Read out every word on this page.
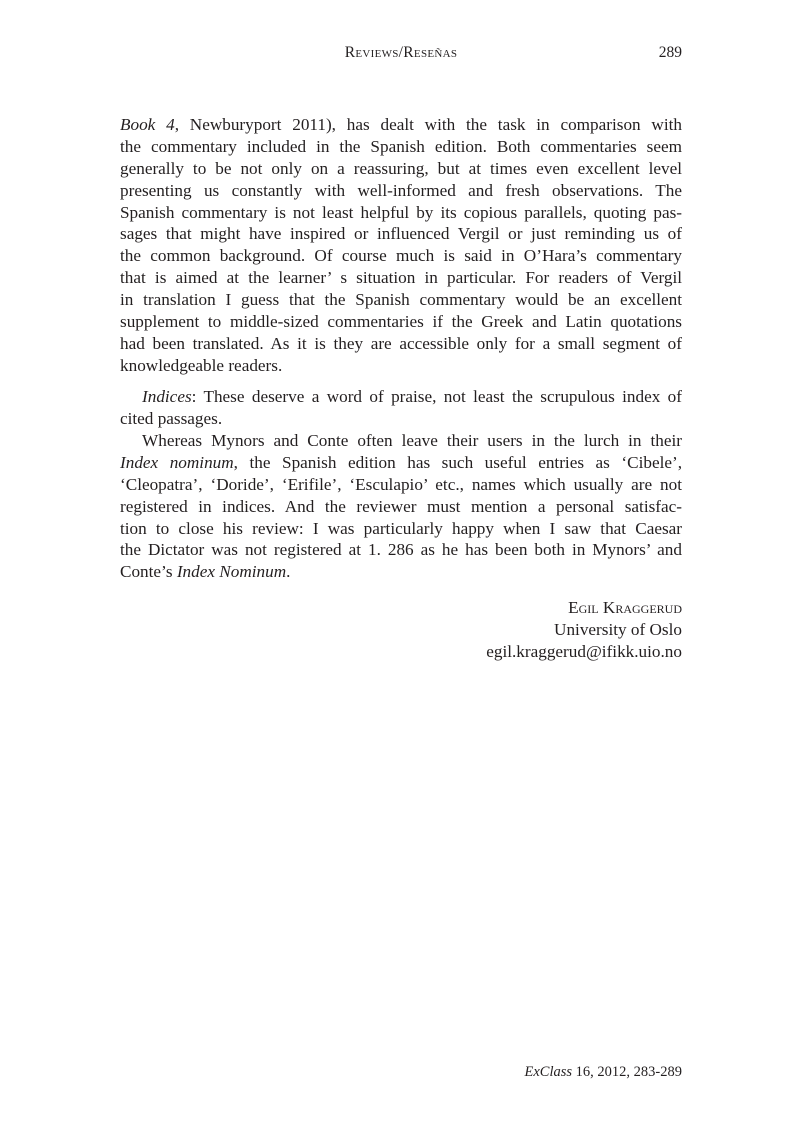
Reviews/Reseñas	289
Book 4, Newburyport 2011), has dealt with the task in comparison with
the commentary included in the Spanish edition. Both commentaries seem
generally to be not only on a reassuring, but at times even excellent level
presenting us constantly with well-informed and fresh observations. The
Spanish commentary is not least helpful by its copious parallels, quoting pas-
sages that might have inspired or influenced Vergil or just reminding us of
the common background. Of course much is said in O’Hara’s commentary
that is aimed at the learner’ s situation in particular. For readers of Vergil
in translation I guess that the Spanish commentary would be an excellent
supplement to middle-sized commentaries if the Greek and Latin quotations
had been translated. As it is they are accessible only for a small segment of
knowledgeable readers.
Indices: These deserve a word of praise, not least the scrupulous index of
cited passages.
Whereas Mynors and Conte often leave their users in the lurch in their
Index nominum, the Spanish edition has such useful entries as ‘Cibele’,
‘Cleopatra’, ‘Doride’, ‘Erifile’, ‘Esculapio’ etc., names which usually are not
registered in indices. And the reviewer must mention a personal satisfac-
tion to close his review: I was particularly happy when I saw that Caesar
the Dictator was not registered at 1. 286 as he has been both in Mynors’ and
Conte’s Index Nominum.
Egil Kraggerud
University of Oslo
egil.kraggerud@ifikk.uio.no
ExClass 16, 2012, 283-289
